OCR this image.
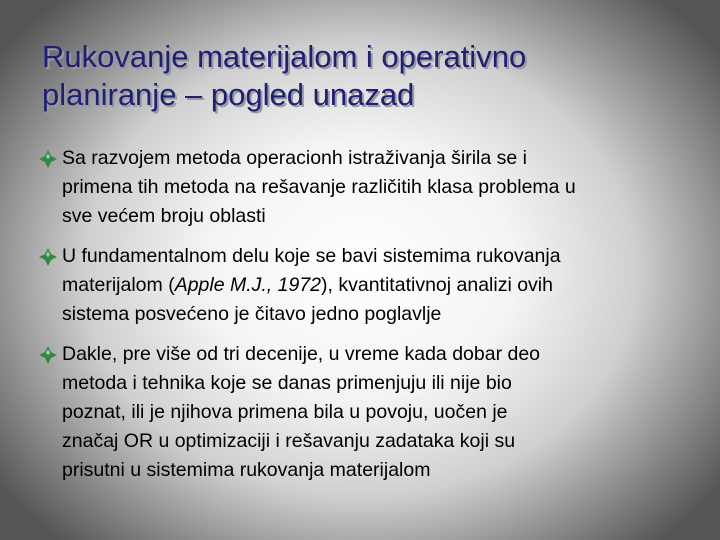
Rukovanje materijalom i operativno
planiranje – pogled unazad
Sa razvojem metoda operacionh istraživanja širila se i
primena tih metoda na rešavanje različitih klasa problema u
sve većem broju oblasti
U fundamentalnom delu koje se bavi sistemima rukovanja
materijalom (Apple M.J., 1972), kvantitativnoj analizi ovih
sistema posvećeno je čitavo jedno poglavlje
Dakle, pre više od tri decenije, u vreme kada dobar deo
metoda i tehnika koje se danas primenjuju ili nije bio
poznat, ili je njihova primena bila u povoju, uočen je
značaj OR u optimizaciji i rešavanju zadataka koji su
prisutni u sistemima rukovanja materijalom
